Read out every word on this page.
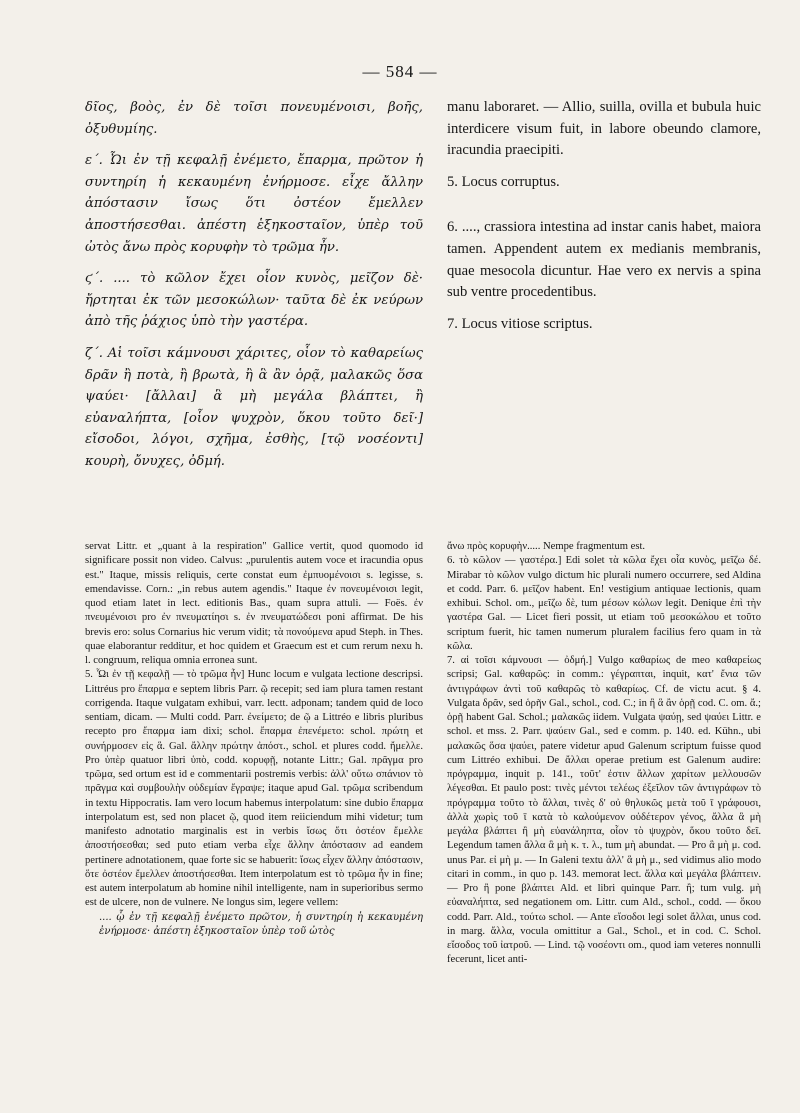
— 584 —

δῖος, βοὸς, ἐν δὲ τοῖσι πονευμένοισι, βοῆς, ὀξυθυμίης.

ε΄. Ὦι ἐν τῇ κεφαλῇ ἐνέμετο, ἔπαρμα, πρῶτον ἡ συντηρίη ἡ κεκαυμένη ἐνήρμοσε. εἶχε ἄλλην ἀπόστασιν ἴσως ὅτι ὀστέον ἔμελλεν ἀποστήσεσθαι. ἀπέστη ἑξηκοσταῖον, ὑπὲρ τοῦ ὠτὸς ἄνω πρὸς κορυφὴν τὸ τρῶμα ἦν.

ϛ΄. .... τὸ κῶλον ἔχει οἷον κυνὸς, μεῖζον δὲ· ἤρτηται ἐκ τῶν μεσοκώλων· ταῦτα δὲ ἐκ νεύρων ἀπὸ τῆς ῥάχιος ὑπὸ τὴν γαστέρα.

ζ΄. Αἱ τοῖσι κάμνουσι χάριτες, οἷον τὸ καθαρείως δρᾶν ἢ ποτὰ, ἢ βρωτὰ, ἢ ἃ ἂν ὁρᾷ, μαλακῶς ὅσα ψαύει· [ἄλλαι] ἃ μὴ μεγάλα βλάπτει, ἢ εὐαναλήπτα, [οἷον ψυχρὸν, ὅκου τοῦτο δεῖ·] εἴσοδοι, λόγοι, σχῆμα, ἐσθὴς, [τῷ νοσέοντι] κουρὴ, ὄνυχες, ὀδμή.

manu laboraret. — Allio, suilla, ovilla et bubula huic interdicere visum fuit, in labore obeundo clamore, iracundia praecipiti.

5. Locus corruptus.

6. ...., crassiora intestina ad instar canis habet, maiora tamen. Appendent autem ex medianis membranis, quae mesocola dicuntur. Hae vero ex nervis a spina sub ventre procedentibus.

7. Locus vitiose scriptus.

servat Littr. et „quant à la respiration" Gallice vertit, quod quomodo id significare possit non video. Calvus: „purulentis autem voce et iracundia opus est." Itaque, missis reliquis, certe constat eum ἐμπυομένοισι s. legisse, s. emendavisse. Corn.: „in rebus autem agendis." Itaque ἐν πονευμένοισι legit, quod etiam latet in lect. editionis Bas., quam supra attuli. — Foës. ἐν πνευμένοισι pro ἐν πνευματίησι s. ἐν πνευματώδεσι poni affirmat. De his brevis ero: solus Cornarius hic verum vidit; τὰ πονούμενα apud Steph. in Thes. quae elaborantur redditur, et hoc quidem et Graecum est et cum rerum nexu h. l. congruum, reliqua omnia erronea sunt.

5. Ὦι ἐν τῇ κεφαλῇ — τὸ τρῶμα ἦν] Hunc locum e vulgata lectione descripsi. Littréus pro ἔπαρμα e septem libris Parr. ῷ recepit; sed iam plura tamen restant corrigenda. Itaque vulgatam exhibui, varr. lectt. adponam; tandem quid de loco sentiam, dicam. — Multi codd. Parr. ἐνείμετο; de ῷ a Littréo e libris pluribus recepto pro ἔπαρμα iam dixi; schol. ἔπαρμα ἐπενέμετο: schol. πρώτη et συνήρμοσεν εἰς ἃ. Gal. ἄλλην πρώτην ἀπόστ., schol. et plures codd. ἤμελλε. Pro ὑπὲρ quatuor libri ὑπὸ, codd. κορυφῇ, notante Littr.; Gal. πρᾶγμα pro τρῶμα, sed ortum est id e commentarii postremis verbis: ἀλλ' οὕτω σπάνιον τὸ πρᾶγμα καὶ συμβουλὴν οὐδεμίαν ἔγραψε; itaque apud Gal. τρῶμα scribendum in textu Hippocratis. Iam vero locum habemus interpolatum: sine dubio ἔπαρμα interpolatum est, sed non placet ῷ, quod item reiiciendum mihi videtur; tum manifesto adnotatio marginalis est in verbis ἴσως ὅτι ὀστέον ἔμελλε ἀποστήσεσθαι; sed puto etiam verba εἶχε ἄλλην ἀπόστασιν ad eandem pertinere adnotationem, quae forte sic se habuerit: ἴσως εἶχεν ἄλλην ἀπόστασιν, ὅτε ὀστέον ἔμελλεν ἀποστήσεσθαι. Item interpolatum est τὸ τρῶμα ἦν in fine; est autem interpolatum ab homine nihil intelligente, nam in superioribus sermo est de ulcere, non de vulnere. Ne longus sim, legere vellem:

.... ᾧ ἐν τῇ κεφαλῇ ἐνέμετο πρῶτον, ἡ συντηρίη ἡ κεκαυμένη ἐνήρμοσε· ἀπέστη ἑξηκοσταῖον ὑπὲρ τοῦ ὠτὸς

ἄνω πρὸς κορυφὴν..... Nempe fragmentum est.

6. τὸ κῶλον — γαστέρα.] Edi solet τὰ κῶλα ἔχει οἷα κυνὸς, μεῖζω δέ. Mirabar τὸ κῶλον vulgo dictum hic plurali numero occurrere, sed Aldina et codd. Parr. 6. μεῖζον habent. En! vestigium antiquae lectionis, quam exhibui. Schol. om., μεῖζω δὲ, tum μέσων κώλων legit. Denique ἐπὶ τὴν γαστέρα Gal. — Licet fieri possit, ut etiam τοῦ μεσοκώλου et τοῦτο scriptum fuerit, hic tamen numerum pluralem facilius fero quam in τὰ κῶλα.

7. αἱ τοῖσι κάμνουσι — ὀδμή.] Vulgo καθαρίως de meo καθαρείως scripsi; Gal. καθαρῶς: in comm.: γέγραπται, inquit, κατ' ἔνια τῶν ἀντιγράφων ἀντὶ τοῦ καθαρῶς τὸ καθαρίως. Cf. de victu acut. § 4. Vulgata δρᾶν, sed ὁρῆν Gal., schol., cod. C.; in ἢ ἃ ἂν ὁρῇ cod. C. om. ἄ.; ὁρῇ habent Gal. Schol.; μαλακῶς iidem. Vulgata ψαύῃ, sed ψαύει Littr. e schol. et mss. 2. Parr. ψαύειν Gal., sed e comm. p. 140. ed. Kühn., ubi μαλακῶς ὅσα ψαύει, patere videtur apud Galenum scriptum fuisse quod cum Littréo exhibui. De ἄλλαι operae pretium est Galenum audire: πρόγραμμα, inquit p. 141., τοῦτ' ἐστιν ἄλλων χαρίτων μελλουσῶν λέγεσθαι. Et paulo post: τινὲς μέντοι τελέως ἐξεῖλον τῶν ἀντιγράφων τὸ πρόγραμμα τοῦτο τὸ ἄλλαι, τινὲς δ' οὐ θηλυκῶς μετὰ τοῦ ῑ γράφουσι, ἀλλὰ χωρὶς τοῦ ῑ κατὰ τὸ καλούμενον οὐδέτερον γένος, ἄλλα ἃ μὴ μεγάλα βλάπτει ἢ μὴ εὐανάληπτα, οἷον τὸ ψυχρὸν, ὅκου τοῦτο δεῖ. Legendum tamen ἄλλα ἃ μὴ κ. τ. λ., tum μὴ abundat. — Pro ἃ μὴ μ. cod. unus Par. εἰ μὴ μ. — In Galeni textu ἀλλ' ἃ μὴ μ., sed vidimus alio modo citari in comm., in quo p. 143. memorat lect. ἄλλα καὶ μεγάλα βλάπτειν. — Pro ἢ pone βλάπτει Ald. et libri quinque Parr. ἢ; tum vulg. μὴ εὐαναλήπτα, sed negationem om. Littr. cum Ald., schol., codd. — ὅκου codd. Parr. Ald., τούτω schol. — Ante εἴσοδοι legi solet ἄλλαι, unus cod. in marg. ἄλλα, vocula omittitur a Gal., Schol., et in cod. C. Schol. εἴσοδος τοῦ ἰατροῦ. — Lind. τῷ νοσέοντι om., quod iam veteres nonnulli fecerunt, licet anti-
